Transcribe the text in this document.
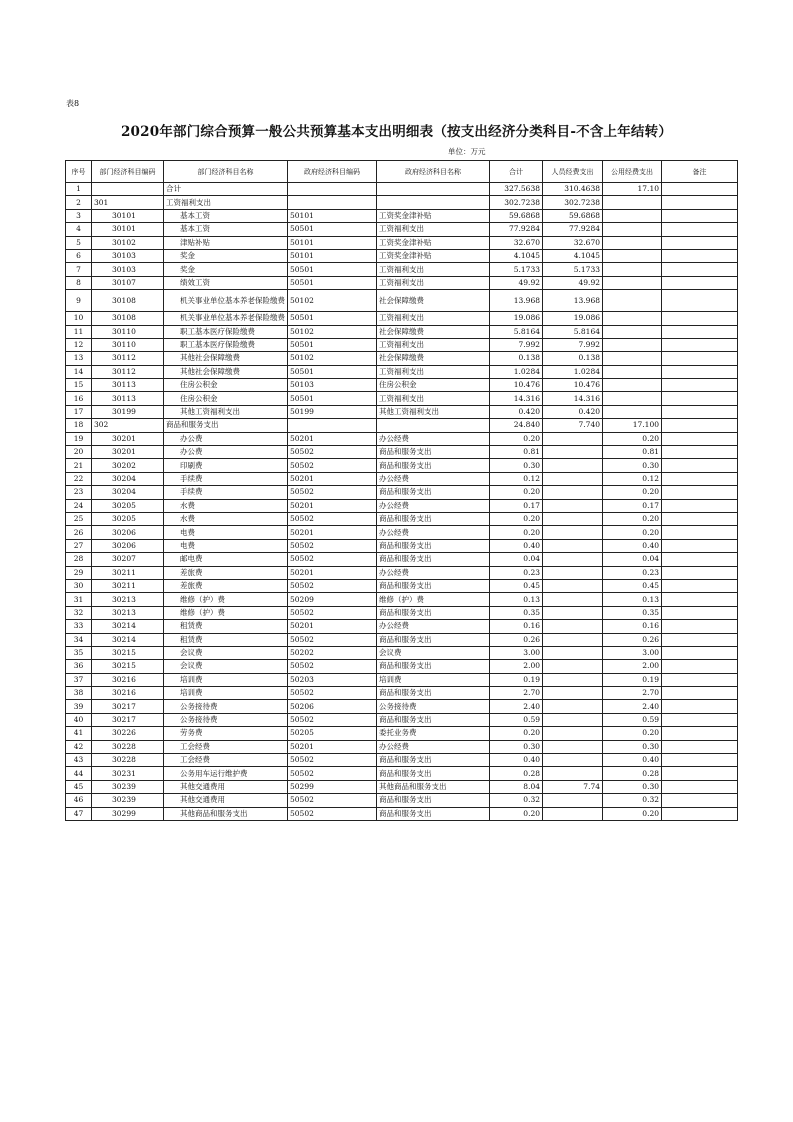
表8
2020年部门综合预算一般公共预算基本支出明细表（按支出经济分类科目-不含上年结转）
单位：万元
序号	部门经济科目编码	部门经济科目名称	政府经济科目编码	政府经济科目名称	合计	人员经费支出	公用经费支出	备注
1		合计			327.5638	310.4638	17.10	
2	301	工资福利支出			302.7238	302.7238		
3	30101	基本工资	50101	工资奖金津补贴	59.6868	59.6868		
4	30101	基本工资	50501	工资福利支出	77.9284	77.9284		
5	30102	津贴补贴	50101	工资奖金津补贴	32.670	32.670		
6	30103	奖金	50101	工资奖金津补贴	4.1045	4.1045		
7	30103	奖金	50501	工资福利支出	5.1733	5.1733		
8	30107	绩效工资	50501	工资福利支出	49.92	49.92		
9	30108	机关事业单位基本养老保险缴费	50102	社会保障缴费	13.968	13.968		
10	30108	机关事业单位基本养老保险缴费	50501	工资福利支出	19.086	19.086		
11	30110	职工基本医疗保险缴费	50102	社会保障缴费	5.8164	5.8164		
12	30110	职工基本医疗保险缴费	50501	工资福利支出	7.992	7.992		
13	30112	其他社会保障缴费	50102	社会保障缴费	0.138	0.138		
14	30112	其他社会保障缴费	50501	工资福利支出	1.0284	1.0284		
15	30113	住房公积金	50103	住房公积金	10.476	10.476		
16	30113	住房公积金	50501	工资福利支出	14.316	14.316		
17	30199	其他工资福利支出	50199	其他工资福利支出	0.420	0.420		
18	302	商品和服务支出			24.840	7.740	17.100	
19	30201	办公费	50201	办公经费	0.20		0.20	
20	30201	办公费	50502	商品和服务支出	0.81		0.81	
21	30202	印刷费	50502	商品和服务支出	0.30		0.30	
22	30204	手续费	50201	办公经费	0.12		0.12	
23	30204	手续费	50502	商品和服务支出	0.20		0.20	
24	30205	水费	50201	办公经费	0.17		0.17	
25	30205	水费	50502	商品和服务支出	0.20		0.20	
26	30206	电费	50201	办公经费	0.20		0.20	
27	30206	电费	50502	商品和服务支出	0.40		0.40	
28	30207	邮电费	50502	商品和服务支出	0.04		0.04	
29	30211	差旅费	50201	办公经费	0.23		0.23	
30	30211	差旅费	50502	商品和服务支出	0.45		0.45	
31	30213	维修（护）费	50209	维修（护）费	0.13		0.13	
32	30213	维修（护）费	50502	商品和服务支出	0.35		0.35	
33	30214	租赁费	50201	办公经费	0.16		0.16	
34	30214	租赁费	50502	商品和服务支出	0.26		0.26	
35	30215	会议费	50202	会议费	3.00		3.00	
36	30215	会议费	50502	商品和服务支出	2.00		2.00	
37	30216	培训费	50203	培训费	0.19		0.19	
38	30216	培训费	50502	商品和服务支出	2.70		2.70	
39	30217	公务接待费	50206	公务接待费	2.40		2.40	
40	30217	公务接待费	50502	商品和服务支出	0.59		0.59	
41	30226	劳务费	50205	委托业务费	0.20		0.20	
42	30228	工会经费	50201	办公经费	0.30		0.30	
43	30228	工会经费	50502	商品和服务支出	0.40		0.40	
44	30231	公务用车运行维护费	50502	商品和服务支出	0.28		0.28	
45	30239	其他交通费用	50299	其他商品和服务支出	8.04	7.74	0.30	
46	30239	其他交通费用	50502	商品和服务支出	0.32		0.32	
47	30299	其他商品和服务支出	50502	商品和服务支出	0.20		0.20	
